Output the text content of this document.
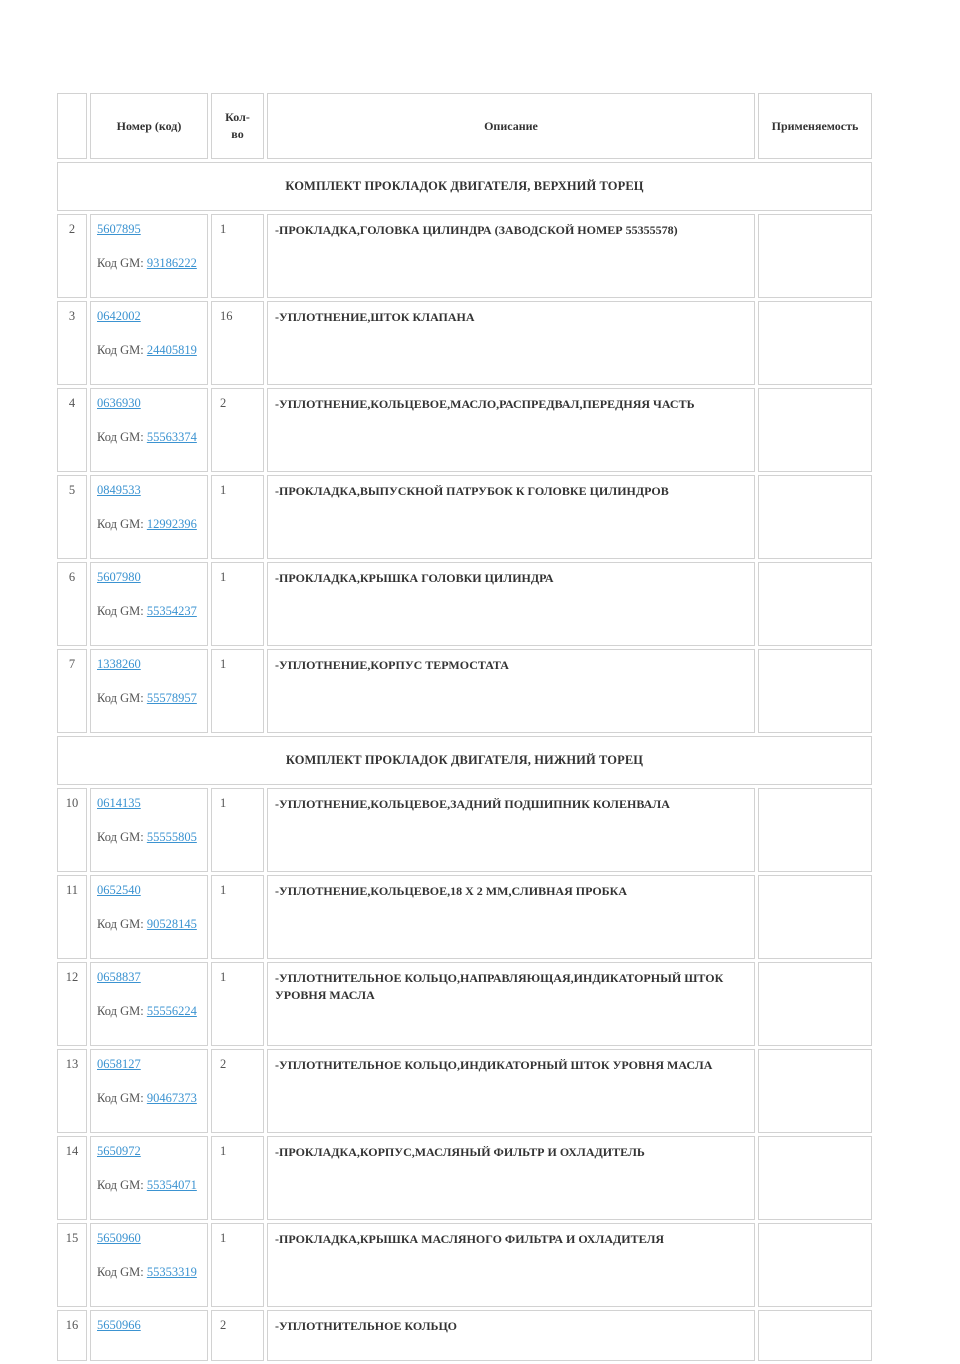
	Номер (код)	Кол-
во	Описание	Применяемость
КОМПЛЕКТ ПРОКЛАДОК ДВИГАТЕЛЯ, ВЕРХНИЙ ТОРЕЦ				
2	5607895
Код GM: 93186222	1	-ПРОКЛАДКА,ГОЛОВКА ЦИЛИНДРА (ЗАВОДСКОЙ НОМЕР 55355578)	
3	0642002
Код GM: 24405819	16	-УПЛОТНЕНИЕ,ШТОК КЛАПАНА	
4	0636930
Код GM: 55563374	2	-УПЛОТНЕНИЕ,КОЛЬЦЕВОЕ,МАСЛО,РАСПРЕДВАЛ,ПЕРЕДНЯЯ ЧАСТЬ	
5	0849533
Код GM: 12992396	1	-ПРОКЛАДКА,ВЫПУСКНОЙ ПАТРУБОК К ГОЛОВКЕ ЦИЛИНДРОВ	
6	5607980
Код GM: 55354237	1	-ПРОКЛАДКА,КРЫШКА ГОЛОВКИ ЦИЛИНДРА	
7	1338260
Код GM: 55578957	1	-УПЛОТНЕНИЕ,КОРПУС ТЕРМОСТАТА	
КОМПЛЕКТ ПРОКЛАДОК ДВИГАТЕЛЯ, НИЖНИЙ ТОРЕЦ				
10	0614135
Код GM: 55555805	1	-УПЛОТНЕНИЕ,КОЛЬЦЕВОЕ,ЗАДНИЙ ПОДШИПНИК КОЛЕНВАЛА	
11	0652540
Код GM: 90528145	1	-УПЛОТНЕНИЕ,КОЛЬЦЕВОЕ,18 X 2 ММ,СЛИВНАЯ ПРОБКА	
12	0658837
Код GM: 55556224	1	-УПЛОТНИТЕЛЬНОЕ КОЛЬЦО,НАПРАВЛЯЮЩАЯ,ИНДИКАТОРНЫЙ ШТОК УРОВНЯ МАСЛА	
13	0658127
Код GM: 90467373	2	-УПЛОТНИТЕЛЬНОЕ КОЛЬЦО,ИНДИКАТОРНЫЙ ШТОК УРОВНЯ МАСЛА	
14	5650972
Код GM: 55354071	1	-ПРОКЛАДКА,КОРПУС,МАСЛЯНЫЙ ФИЛЬТР И ОХЛАДИТЕЛЬ	
15	5650960
Код GM: 55353319	1	-ПРОКЛАДКА,КРЫШКА МАСЛЯНОГО ФИЛЬТРА И ОХЛАДИТЕЛЯ	
16	5650966	2	-УПЛОТНИТЕЛЬНОЕ КОЛЬЦО	
